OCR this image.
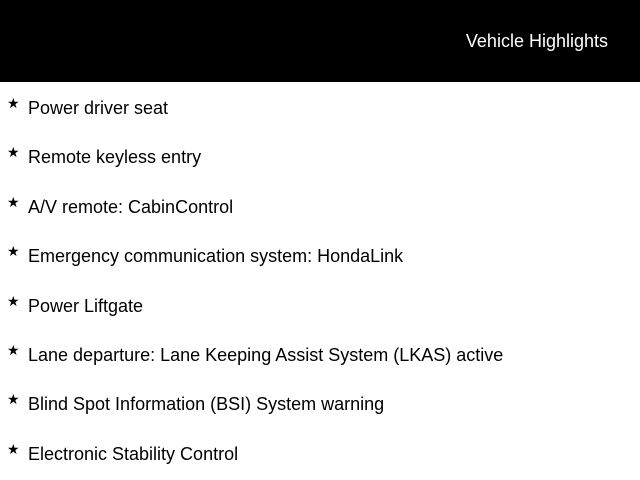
Vehicle Highlights
★ Power driver seat
★ Remote keyless entry
★ A/V remote: CabinControl
★ Emergency communication system: HondaLink
★ Power Liftgate
★ Lane departure: Lane Keeping Assist System (LKAS) active
★ Blind Spot Information (BSI) System warning
★ Electronic Stability Control
